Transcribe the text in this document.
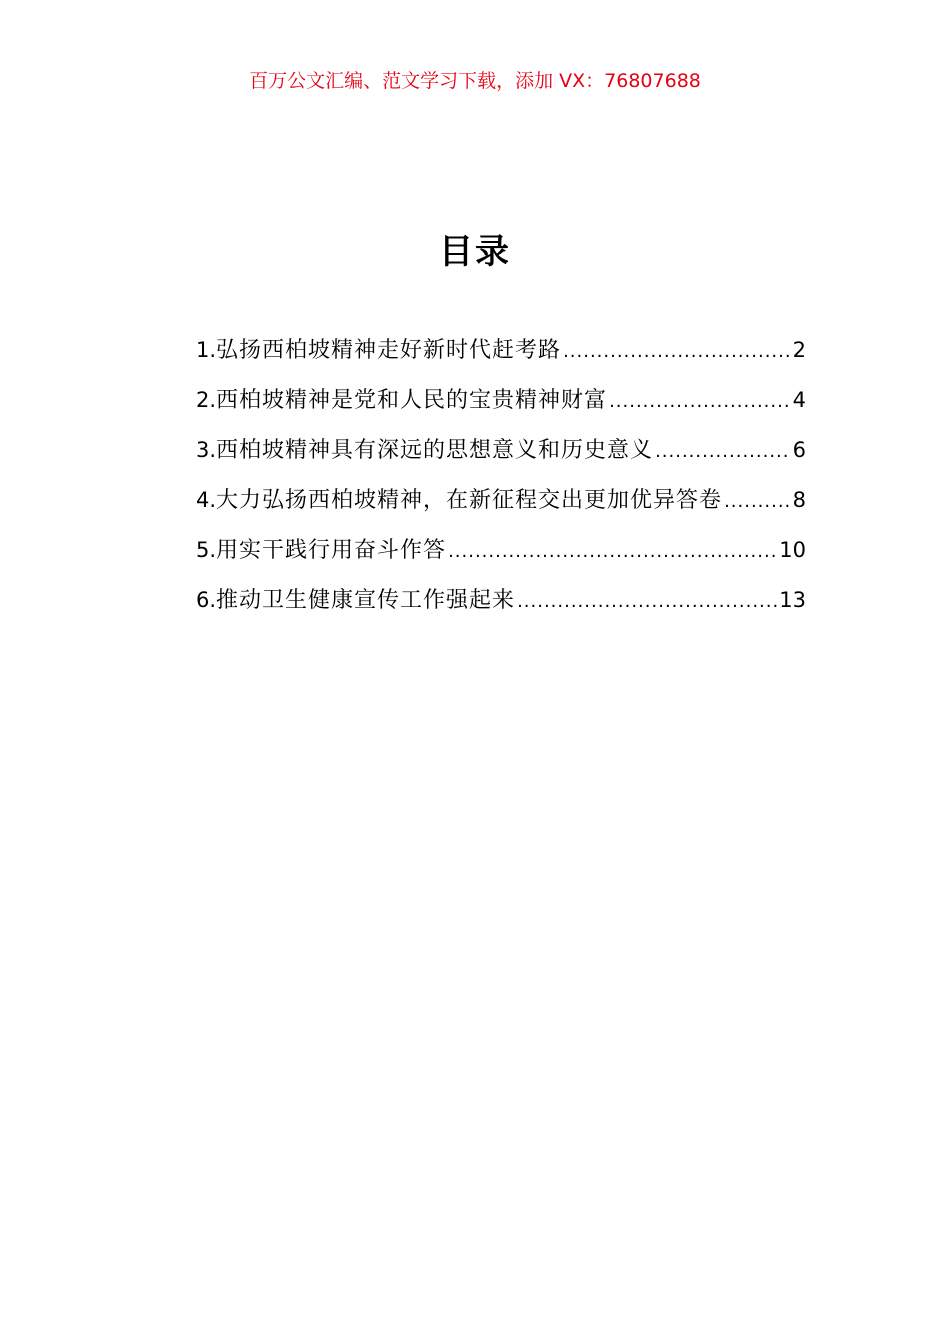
百万公文汇编、范文学习下载，添加 VX：76807688
目录
1. 弘扬西柏坡精神走好新时代赶考路 .....	2
2. 西柏坡精神是党和人民的宝贵精神财富 .....	4
3. 西柏坡精神具有深远的思想意义和历史意义 .....	6
4. 大力弘扬西柏坡精神，在新征程交出更加优异答卷 .....	8
5. 用实干践行用奋斗作答 .....	10
6. 推动卫生健康宣传工作强起来 .....	13
